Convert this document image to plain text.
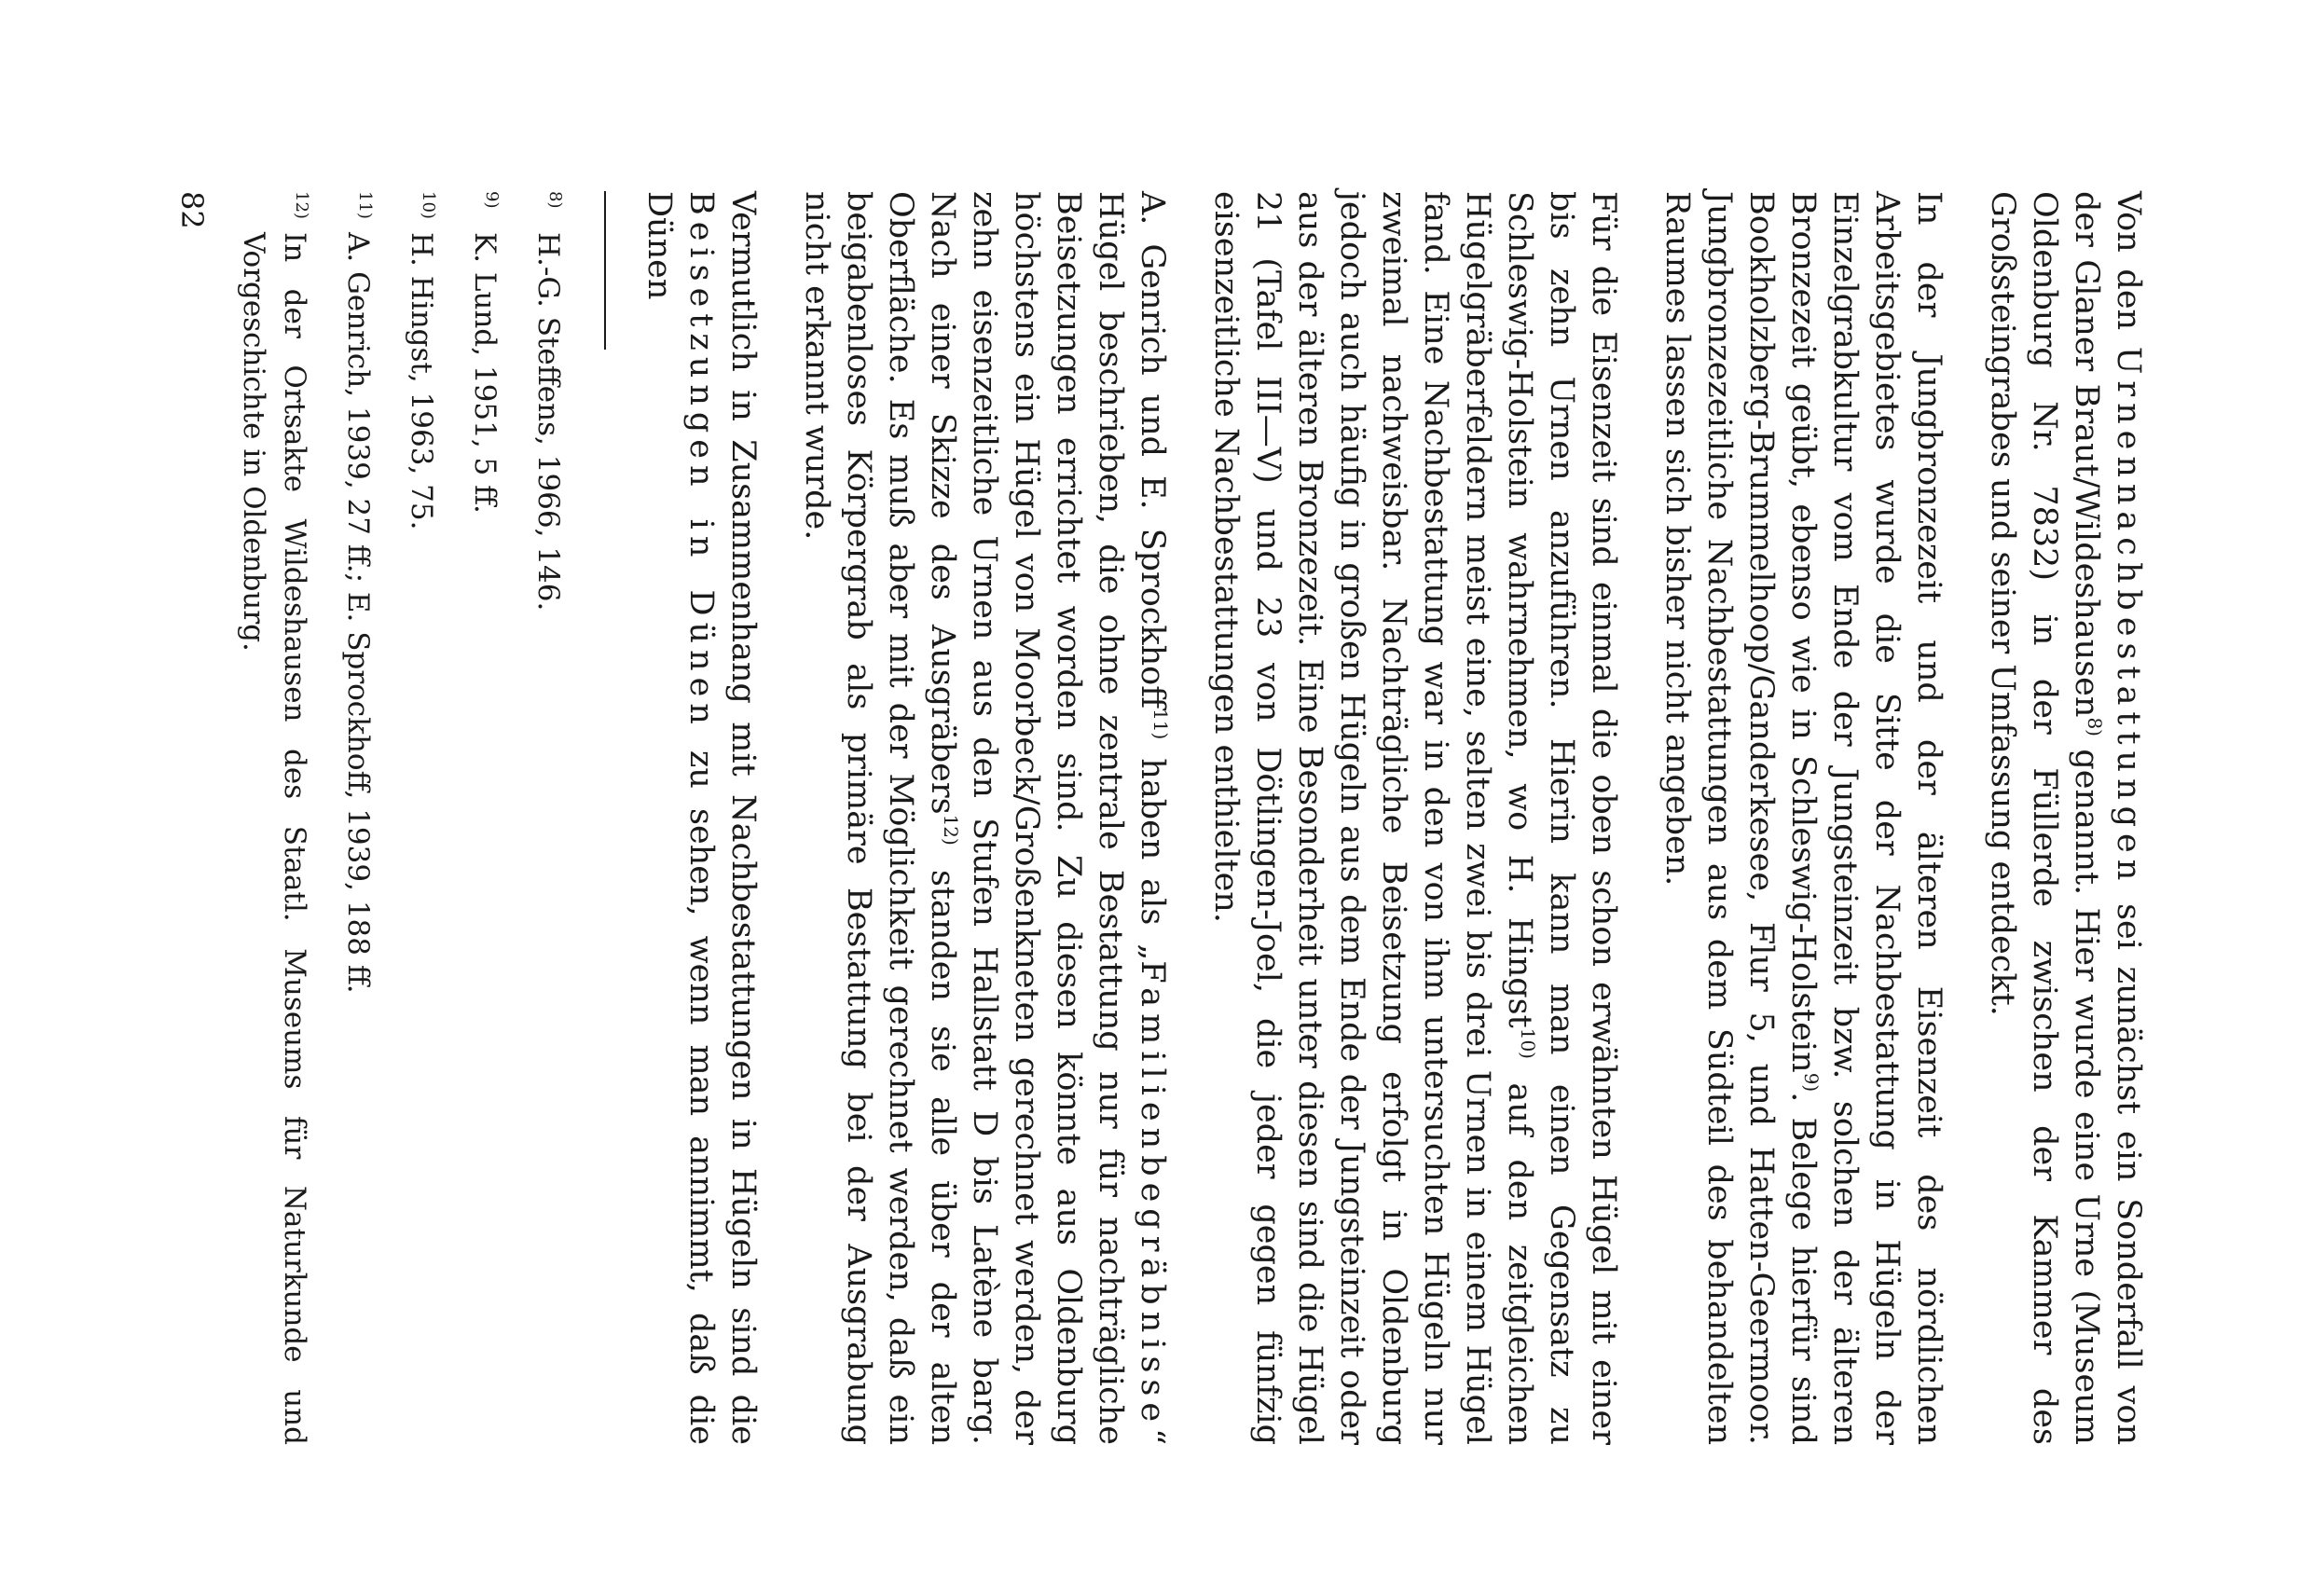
Von den Urnennachbestattungen sei zunächst ein Sonderfall von der Glaner Braut/Wildeshausen$^{8)}$ genannt. Hier wurde eine Urne (Museum Oldenburg Nr. 7832) in der Füllerde zwischen der Kammer des Großsteingrabes und seiner Umfassung entdeckt.

In der Jungbronzezeit und der älteren Eisenzeit des nördlichen Arbeitsgebietes wurde die Sitte der Nachbestattung in Hügeln der Einzelgrabkultur vom Ende der Jungsteinzeit bzw. solchen der älteren Bronzezeit geübt, ebenso wie in Schleswig-Holstein$^{9)}$. Belege hierfür sind Bookholzberg-Brummelhoop/Ganderkesee, Flur 5, und Hatten-Geermoor. Jungbronzezeitliche Nachbestattungen aus dem Südteil des behandelten Raumes lassen sich bisher nicht angeben.

Für die Eisenzeit sind einmal die oben schon erwähnten Hügel mit einer bis zehn Urnen anzuführen. Hierin kann man einen Gegensatz zu Schleswig-Holstein wahrnehmen, wo H. Hingst$^{10)}$ auf den zeitgleichen Hügelgräberfeldern meist eine, selten zwei bis drei Urnen in einem Hügel fand. Eine Nachbestattung war in den von ihm untersuchten Hügeln nur zweimal nachweisbar. Nachträgliche Beisetzung erfolgt in Oldenburg jedoch auch häufig in großen Hügeln aus dem Ende der Jungsteinzeit oder aus der älteren Bronzezeit. Eine Besonderheit unter diesen sind die Hügel 21 (Tafel III—V) und 23 von Dötlingen-Joel, die jeder gegen fünfzig eisenzeitliche Nachbestattungen enthielten.

A. Genrich und E. Sprockhoff$^{11)}$ haben als „Familienbegräbnisse“ Hügel beschrieben, die ohne zentrale Bestattung nur für nachträgliche Beisetzungen errichtet worden sind. Zu diesen könnte aus Oldenburg höchstens ein Hügel von Moorbeck/Großenkneten gerechnet werden, der zehn eisenzeitliche Urnen aus den Stufen Hallstatt D bis Latène barg. Nach einer Skizze des Ausgräbers$^{12)}$ standen sie alle über der alten Oberfläche. Es muß aber mit der Möglichkeit gerechnet werden, daß ein beigabenloses Körpergrab als primäre Bestattung bei der Ausgrabung nicht erkannt wurde.

Vermutlich in Zusammenhang mit Nachbestattungen in Hügeln sind die Beisetzungen in Dünen zu sehen, wenn man annimmt, daß die Dünen

$^{8)}$H.-G. Steffens, 1966, 146.
$^{9)}$K. Lund, 1951, 5 ff.
$^{10)}$H. Hingst, 1963, 75.
$^{11)}$A. Genrich, 1939, 27 ff.; E. Sprockhoff, 1939, 188 ff.
$^{12)}$In der Ortsakte Wildeshausen des Staatl. Museums für Naturkunde und Vorgeschichte in Oldenburg.
82
